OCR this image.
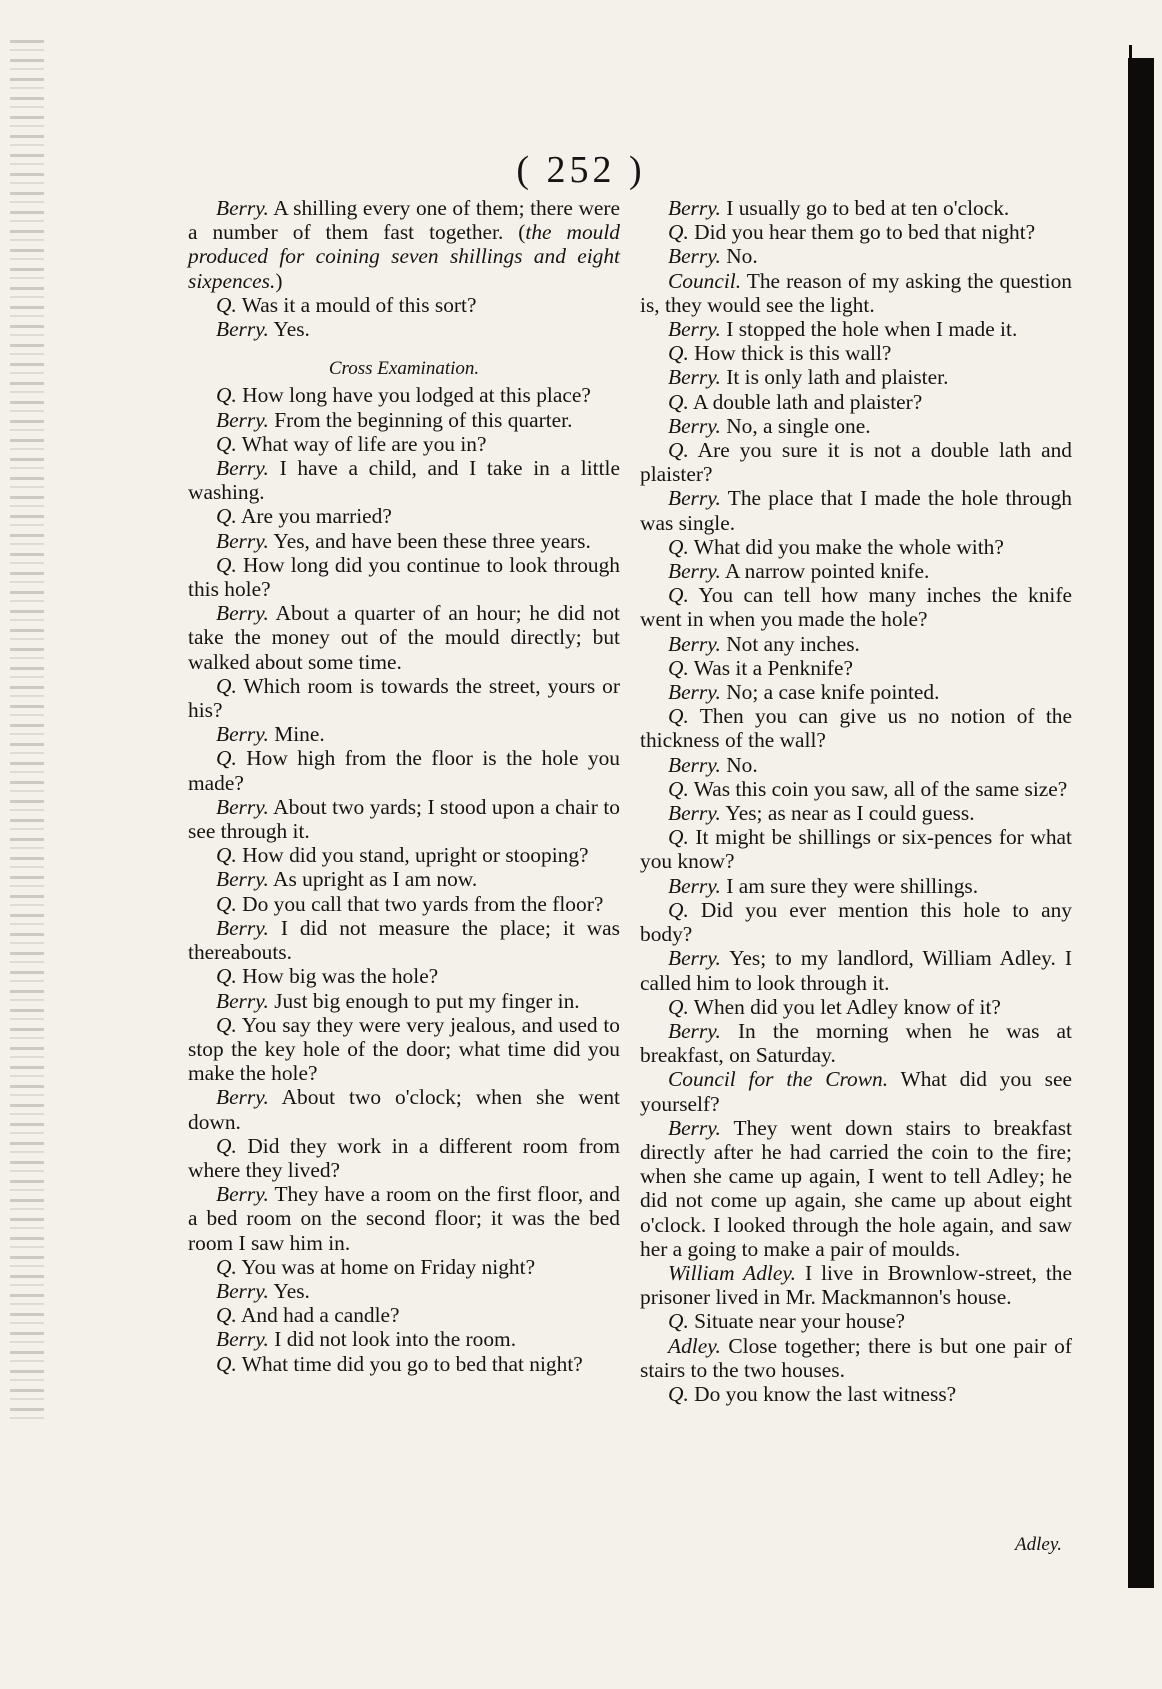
( 252 )

Berry. A shilling every one of them; there were a number of them fast together. (the mould produced for coining seven shillings and eight sixpences.)

Q. Was it a mould of this sort?

Berry. Yes.

Cross Examination.

Q. How long have you lodged at this place?

Berry. From the beginning of this quarter.

Q. What way of life are you in?

Berry. I have a child, and I take in a little washing.

Q. Are you married?

Berry. Yes, and have been these three years.

Q. How long did you continue to look through this hole?

Berry. About a quarter of an hour; he did not take the money out of the mould directly; but walked about some time.

Q. Which room is towards the street, yours or his?

Berry. Mine.

Q. How high from the floor is the hole you made?

Berry. About two yards; I stood upon a chair to see through it.

Q. How did you stand, upright or stooping?

Berry. As upright as I am now.

Q. Do you call that two yards from the floor?

Berry. I did not measure the place; it was thereabouts.

Q. How big was the hole?

Berry. Just big enough to put my finger in.

Q. You say they were very jealous, and used to stop the key hole of the door; what time did you make the hole?

Berry. About two o'clock; when she went down.

Q. Did they work in a different room from where they lived?

Berry. They have a room on the first floor, and a bed room on the second floor; it was the bed room I saw him in.

Q. You was at home on Friday night?

Berry. Yes.

Q. And had a candle?

Berry. I did not look into the room.

Q. What time did you go to bed that night?

Berry. I usually go to bed at ten o'clock.

Q. Did you hear them go to bed that night?

Berry. No.

Council. The reason of my asking the question is, they would see the light.

Berry. I stopped the hole when I made it.

Q. How thick is this wall?

Berry. It is only lath and plaister.

Q. A double lath and plaister?

Berry. No, a single one.

Q. Are you sure it is not a double lath and plaister?

Berry. The place that I made the hole through was single.

Q. What did you make the whole with?

Berry. A narrow pointed knife.

Q. You can tell how many inches the knife went in when you made the hole?

Berry. Not any inches.

Q. Was it a Penknife?

Berry. No; a case knife pointed.

Q. Then you can give us no notion of the thickness of the wall?

Berry. No.

Q. Was this coin you saw, all of the same size?

Berry. Yes; as near as I could guess.

Q. It might be shillings or six-pences for what you know?

Berry. I am sure they were shillings.

Q. Did you ever mention this hole to any body?

Berry. Yes; to my landlord, William Adley. I called him to look through it.

Q. When did you let Adley know of it?

Berry. In the morning when he was at breakfast, on Saturday.

Council for the Crown. What did you see yourself?

Berry. They went down stairs to breakfast directly after he had carried the coin to the fire; when she came up again, I went to tell Adley; he did not come up again, she came up about eight o'clock. I looked through the hole again, and saw her a going to make a pair of moulds.

William Adley. I live in Brownlow-street, the prisoner lived in Mr. Mackmannon's house.

Q. Situate near your house?

Adley. Close together; there is but one pair of stairs to the two houses.

Q. Do you know the last witness?

Adley.
